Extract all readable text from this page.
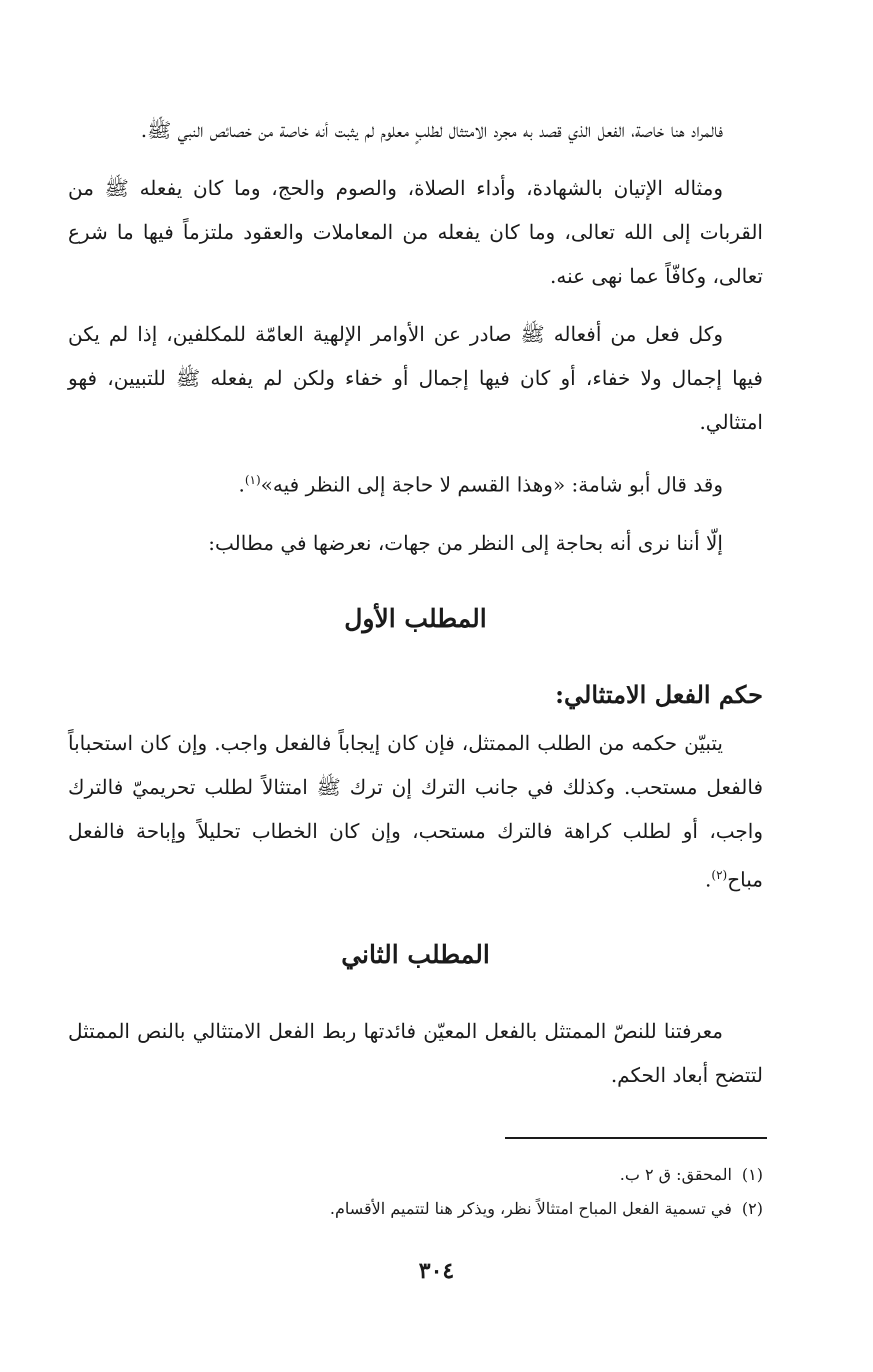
فالمراد هنا خاصة، الفعل الذي قصد به مجرد الامتثال لطلبٍ معلوم لم يثبت أنه خاصة من خصائص النبي ﷺ.

ومثاله الإتيان بالشهادة، وأداء الصلاة، والصوم والحج، وما كان يفعله ﷺ من القربات إلى الله تعالى، وما كان يفعله من المعاملات والعقود ملتزماً فيها ما شرع تعالى، وكافّاً عما نهى عنه.

وكل فعل من أفعاله ﷺ صادر عن الأوامر الإلهية العامّة للمكلفين، إذا لم يكن فيها إجمال ولا خفاء، أو كان فيها إجمال أو خفاء ولكن لم يفعله ﷺ للتبيين، فهو امتثالي.

وقد قال أبو شامة: «وهذا القسم لا حاجة إلى النظر فيه»$^{(١)}$.

إلّا أننا نرى أنه بحاجة إلى النظر من جهات، نعرضها في مطالب:

المطلب الأول
حكم الفعل الامتثالي:

يتبيّن حكمه من الطلب الممتثل، فإن كان إيجاباً فالفعل واجب. وإن كان استحباباً فالفعل مستحب. وكذلك في جانب الترك إن ترك ﷺ امتثالاً لطلب تحريميّ فالترك واجب، أو لطلب كراهة فالترك مستحب، وإن كان الخطاب تحليلاً وإباحة فالفعل مباح$^{(٢)}$.

المطلب الثاني

معرفتنا للنصّ الممتثل بالفعل المعيّن فائدتها ربط الفعل الامتثالي بالنص الممتثل لتتضح أبعاد الحكم.

(١)المحقق: ق ٢ ب.

(٢)في تسمية الفعل المباح امتثالاً نظر، ويذكر هنا لتتميم الأقسام.

٣٠٤
